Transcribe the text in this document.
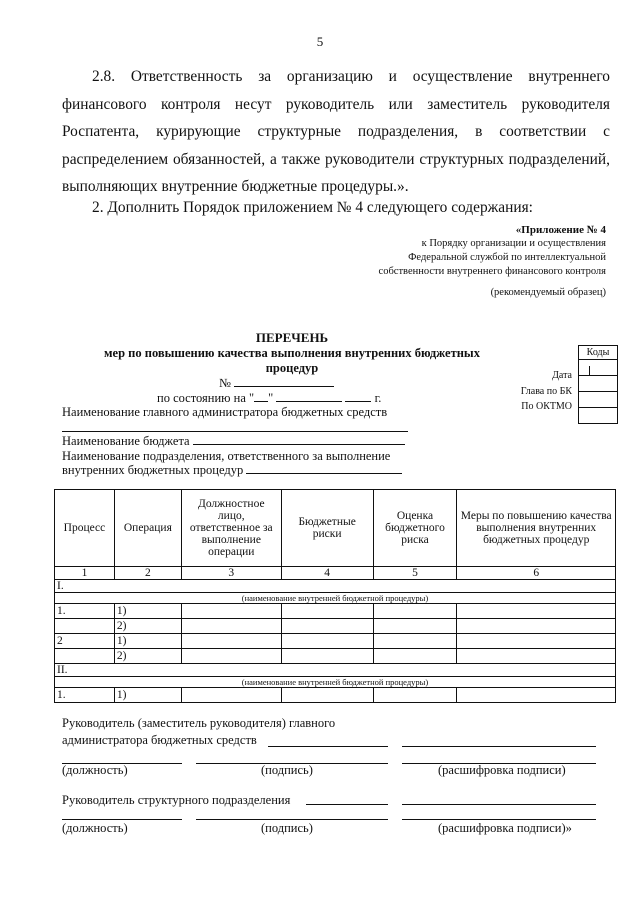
5
2.8. Ответственность за организацию и осуществление внутреннего финансового контроля несут руководитель или заместитель руководителя Роспатента, курирующие структурные подразделения, в соответствии с распределением обязанностей, а также руководители структурных подразделений, выполняющих внутренние бюджетные процедуры.».
2. Дополнить Порядок приложением № 4 следующего содержания:
«Приложение № 4
к Порядку организации и осуществления
Федеральной службой по интеллектуальной
собственности внутреннего финансового контроля
(рекомендуемый образец)
ПЕРЕЧЕНЬ
мер по повышению качества выполнения внутренних бюджетных
процедур
№
по состоянию на " "	г.
Наименование главного администратора бюджетных средств
Наименование бюджета
Наименование подразделения, ответственного за выполнение
внутренних бюджетных процедур
Коды
Дата
Глава по БК
По ОКТМО
Процесс	Операция	Должностное лицо, ответственное за выполнение операции	Бюджетные риски	Оценка бюджетного риска	Меры по повышению качества выполнения внутренних бюджетных процедур
1	2	3	4	5	6
I.					
(наименование внутренней бюджетной процедуры)					
1.	1)				
	2)				
2	1)				
	2)				
II.					
(наименование внутренней бюджетной процедуры)					
1.	1)				
Руководитель (заместитель руководителя) главного
администратора бюджетных средств
(должность)	(подпись)	(расшифровка подписи)
Руководитель структурного подразделения
(должность)	(подпись)	(расшифровка подписи)»
